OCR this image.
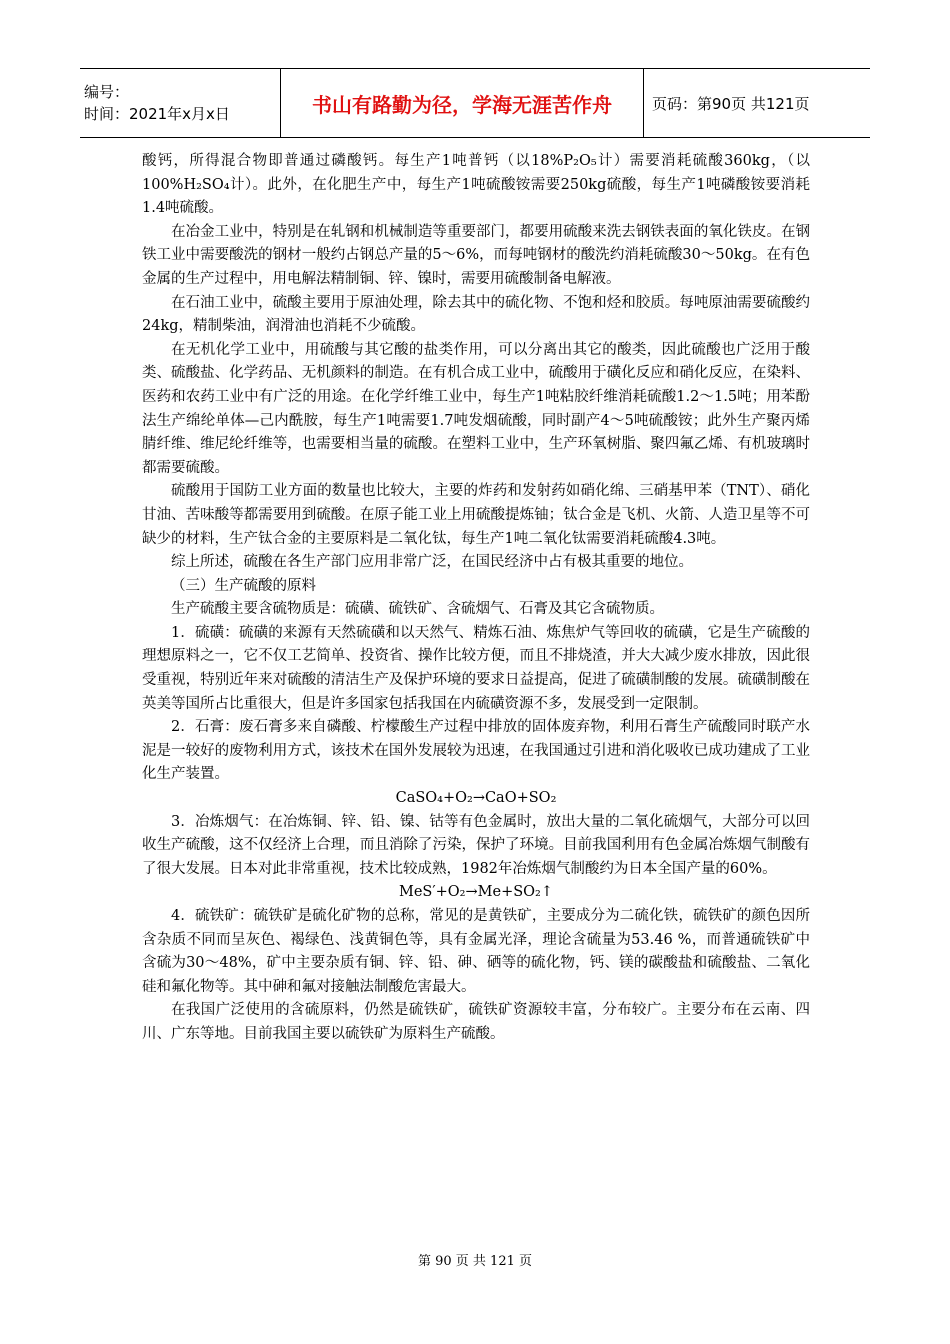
编号：
时间：2021年x月x日	书山有路勤为径，学海无涯苦作舟	页码：第90页 共121页

酸钙，所得混合物即普通过磷酸钙。每生产1吨普钙（以18%P₂O₅计）需要消耗硫酸360kg，（以100%H₂SO₄计）。此外，在化肥生产中，每生产1吨硫酸铵需要250kg硫酸，每生产1吨磷酸铵要消耗1.4吨硫酸。

在冶金工业中，特别是在轧钢和机械制造等重要部门，都要用硫酸来洗去钢铁表面的氧化铁皮。在钢铁工业中需要酸洗的钢材一般约占钢总产量的5～6%，而每吨钢材的酸洗约消耗硫酸30～50kg。在有色金属的生产过程中，用电解法精制铜、锌、镍时，需要用硫酸制备电解液。

在石油工业中，硫酸主要用于原油处理，除去其中的硫化物、不饱和烃和胶质。每吨原油需要硫酸约24kg，精制柴油，润滑油也消耗不少硫酸。

在无机化学工业中，用硫酸与其它酸的盐类作用，可以分离出其它的酸类，因此硫酸也广泛用于酸类、硫酸盐、化学药品、无机颜料的制造。在有机合成工业中，硫酸用于磺化反应和硝化反应，在染料、医药和农药工业中有广泛的用途。在化学纤维工业中，每生产1吨粘胶纤维消耗硫酸1.2～1.5吨；用苯酚法生产绵纶单体—己内酰胺，每生产1吨需要1.7吨发烟硫酸，同时副产4～5吨硫酸铵；此外生产聚丙烯腈纤维、维尼纶纤维等，也需要相当量的硫酸。在塑料工业中，生产环氧树脂、聚四氟乙烯、有机玻璃时都需要硫酸。

硫酸用于国防工业方面的数量也比较大，主要的炸药和发射药如硝化绵、三硝基甲苯（TNT）、硝化甘油、苦味酸等都需要用到硫酸。在原子能工业上用硫酸提炼铀；钛合金是飞机、火箭、人造卫星等不可缺少的材料，生产钛合金的主要原料是二氧化钛，每生产1吨二氧化钛需要消耗硫酸4.3吨。

综上所述，硫酸在各生产部门应用非常广泛，在国民经济中占有极其重要的地位。

（三）生产硫酸的原料

生产硫酸主要含硫物质是：硫磺、硫铁矿、含硫烟气、石膏及其它含硫物质。

1．硫磺：硫磺的来源有天然硫磺和以天然气、精炼石油、炼焦炉气等回收的硫磺，它是生产硫酸的理想原料之一，它不仅工艺简单、投资省、操作比较方便，而且不排烧渣，并大大减少废水排放，因此很受重视，特别近年来对硫酸的清洁生产及保护环境的要求日益提高，促进了硫磺制酸的发展。硫磺制酸在英美等国所占比重很大，但是许多国家包括我国在内硫磺资源不多，发展受到一定限制。

2．石膏：废石膏多来自磷酸、柠檬酸生产过程中排放的固体废弃物，利用石膏生产硫酸同时联产水泥是一较好的废物利用方式，该技术在国外发展较为迅速，在我国通过引进和消化吸收已成功建成了工业化生产装置。

CaSO₄+O₂→CaO+SO₂

3．冶炼烟气：在冶炼铜、锌、铅、镍、钴等有色金属时，放出大量的二氧化硫烟气，大部分可以回收生产硫酸，这不仅经济上合理，而且消除了污染，保护了环境。目前我国利用有色金属冶炼烟气制酸有了很大发展。日本对此非常重视，技术比较成熟，1982年冶炼烟气制酸约为日本全国产量的60%。

MeS′+O₂→Me+SO₂↑

4．硫铁矿：硫铁矿是硫化矿物的总称，常见的是黄铁矿，主要成分为二硫化铁，硫铁矿的颜色因所含杂质不同而呈灰色、褐绿色、浅黄铜色等，具有金属光泽，理论含硫量为53.46 %，而普通硫铁矿中含硫为30～48%，矿中主要杂质有铜、锌、铅、砷、硒等的硫化物，钙、镁的碳酸盐和硫酸盐、二氧化硅和氟化物等。其中砷和氟对接触法制酸危害最大。

在我国广泛使用的含硫原料，仍然是硫铁矿，硫铁矿资源较丰富，分布较广。主要分布在云南、四川、广东等地。目前我国主要以硫铁矿为原料生产硫酸。

第 90 页 共 121 页
